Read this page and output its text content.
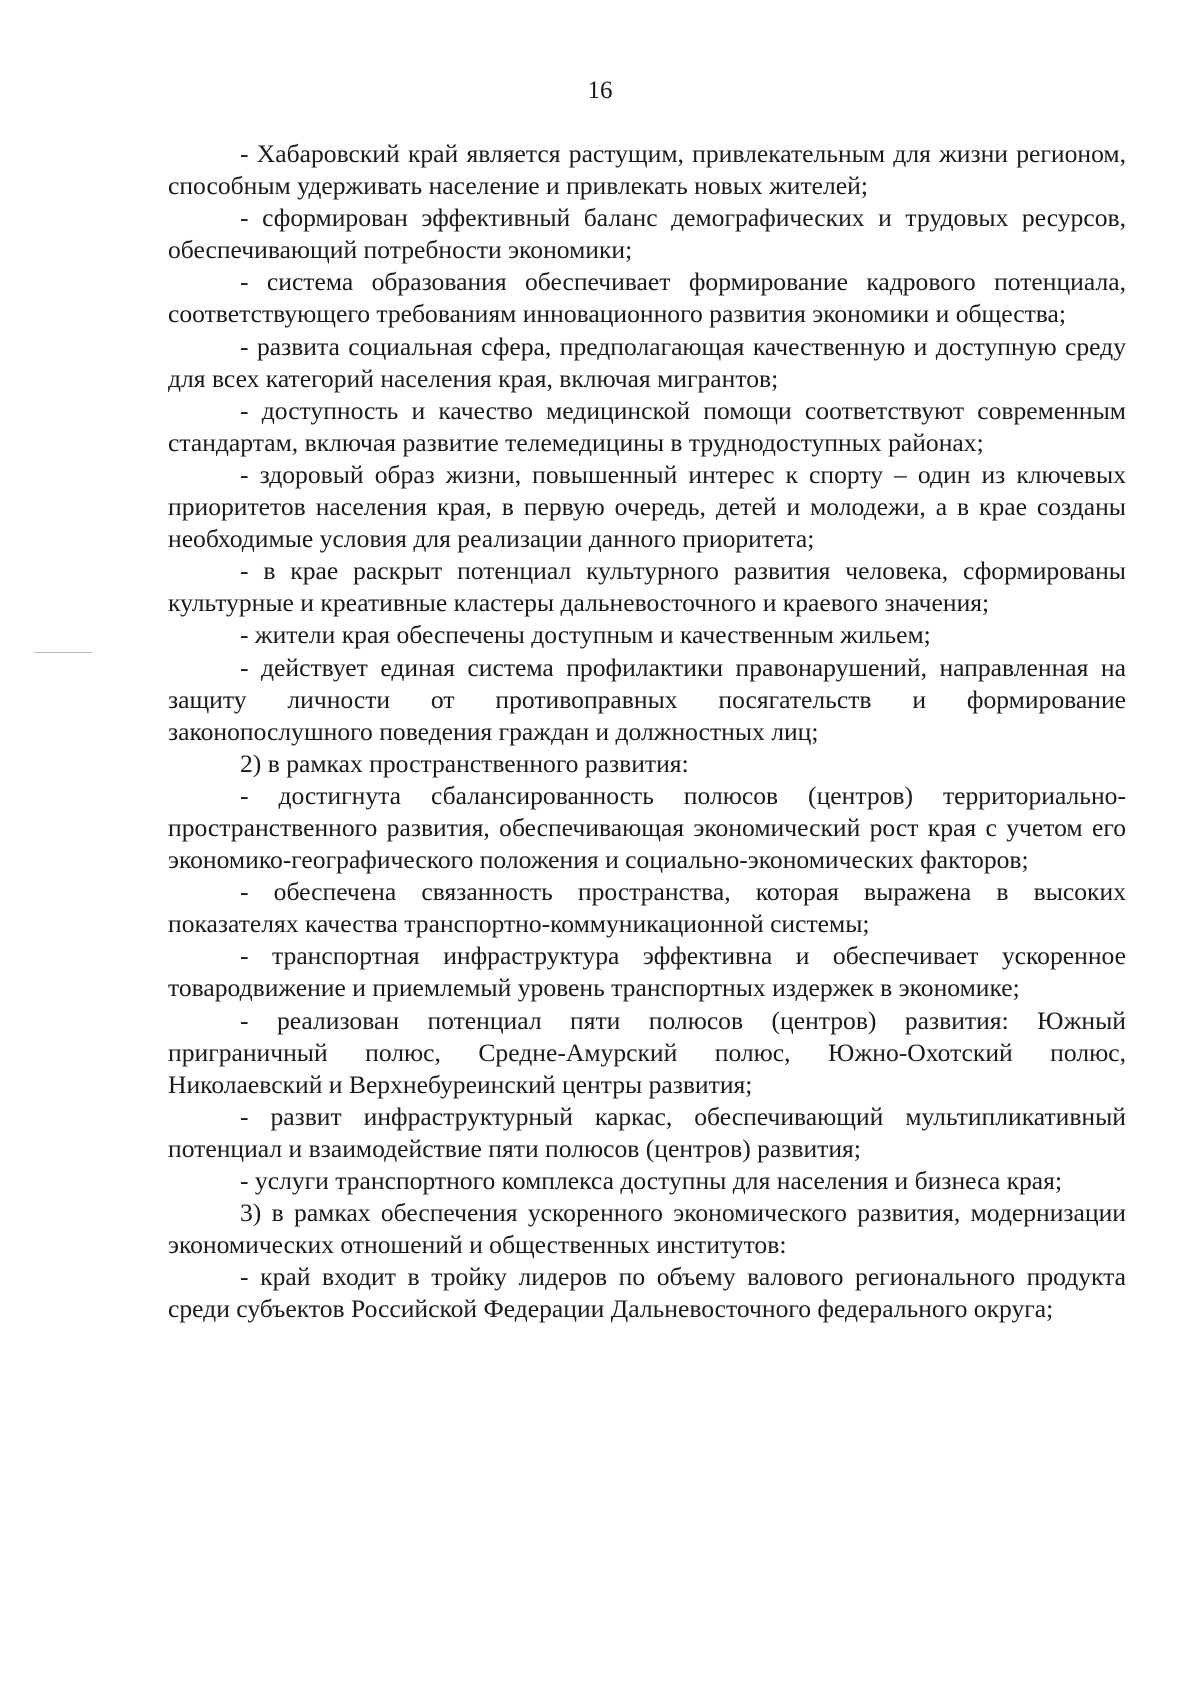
16

- Хабаровский край является растущим, привлекательным для жизни регионом, способным удерживать население и привлекать новых жителей;

- сформирован эффективный баланс демографических и трудовых ресурсов, обеспечивающий потребности экономики;

- система образования обеспечивает формирование кадрового потенциала, соответствующего требованиям инновационного развития экономики и общества;

- развита социальная сфера, предполагающая качественную и доступную среду для всех категорий населения края, включая мигрантов;

- доступность и качество медицинской помощи соответствуют современным стандартам, включая развитие телемедицины в труднодоступных районах;

- здоровый образ жизни, повышенный интерес к спорту – один из ключевых приоритетов населения края, в первую очередь, детей и молодежи, а в крае созданы необходимые условия для реализации данного приоритета;

- в крае раскрыт потенциал культурного развития человека, сформированы культурные и креативные кластеры дальневосточного и краевого значения;

- жители края обеспечены доступным и качественным жильем;

- действует единая система профилактики правонарушений, направленная на защиту личности от противоправных посягательств и формирование законопослушного поведения граждан и должностных лиц;

2) в рамках пространственного развития:

- достигнута сбалансированность полюсов (центров) территориально-пространственного развития, обеспечивающая экономический рост края с учетом его экономико-географического положения и социально-экономических факторов;

- обеспечена связанность пространства, которая выражена в высоких показателях качества транспортно-коммуникационной системы;

- транспортная инфраструктура эффективна и обеспечивает ускоренное товародвижение и приемлемый уровень транспортных издержек в экономике;

- реализован потенциал пяти полюсов (центров) развития: Южный приграничный полюс, Средне-Амурский полюс, Южно-Охотский полюс, Николаевский и Верхнебуреинский центры развития;

- развит инфраструктурный каркас, обеспечивающий мультипликативный потенциал и взаимодействие пяти полюсов (центров) развития;

- услуги транспортного комплекса доступны для населения и бизнеса края;

3) в рамках обеспечения ускоренного экономического развития, модернизации экономических отношений и общественных институтов:

- край входит в тройку лидеров по объему валового регионального продукта среди субъектов Российской Федерации Дальневосточного федерального округа;
